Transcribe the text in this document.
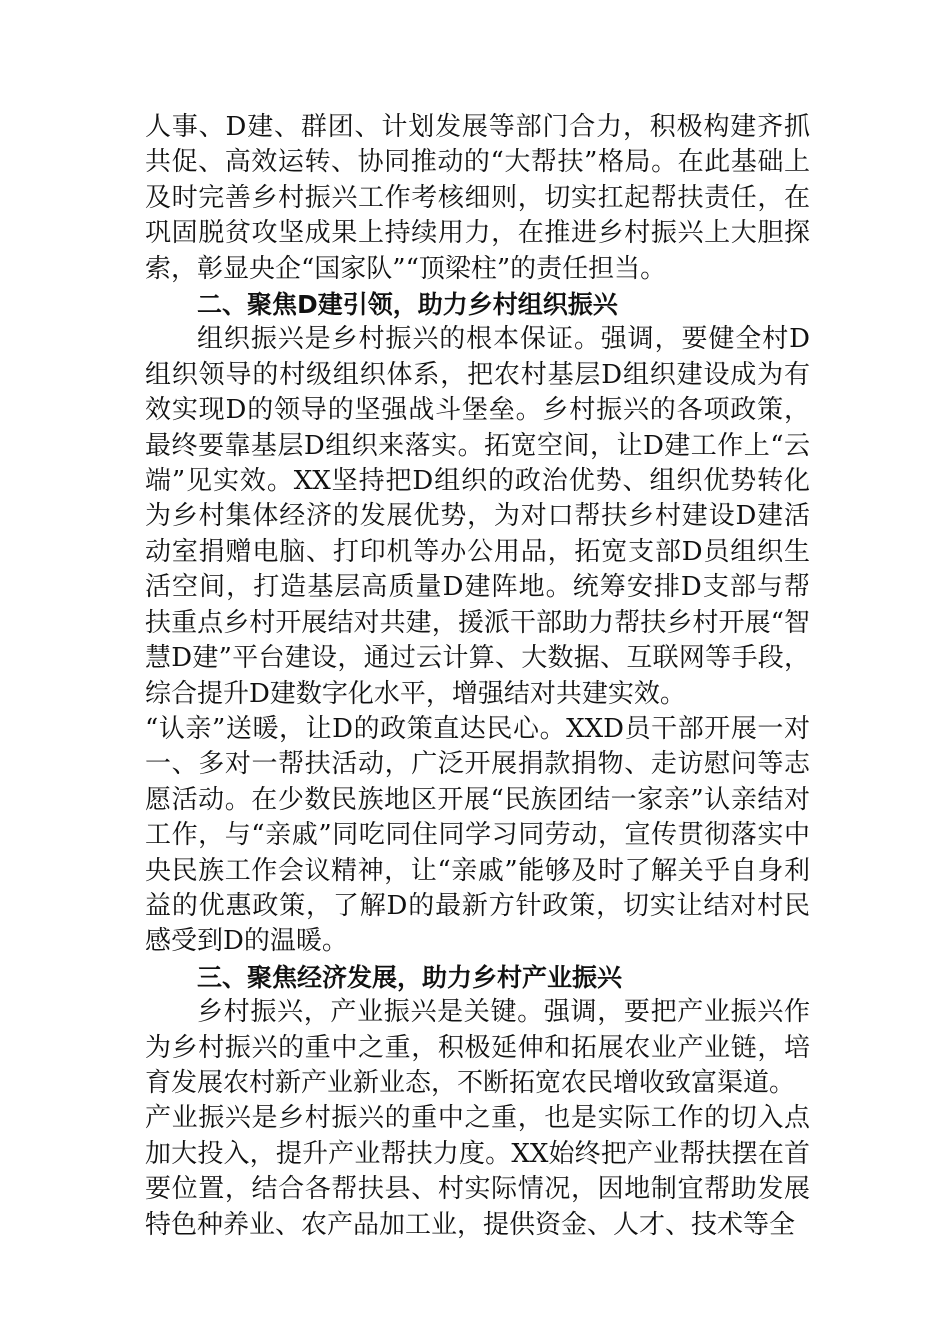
人事、D建、群团、计划发展等部门合力，积极构建齐抓共促、高效运转、协同推动的“大帮扶”格局。在此基础上及时完善乡村振兴工作考核细则，切实扛起帮扶责任，在巩固脱贫攻坚成果上持续用力，在推进乡村振兴上大胆探索，彰显央企“国家队”“顶梁柱”的责任担当。

二、聚焦D建引领，助力乡村组织振兴

组织振兴是乡村振兴的根本保证。强调，要健全村D组织领导的村级组织体系，把农村基层D组织建设成为有效实现D的领导的坚强战斗堡垒。乡村振兴的各项政策，最终要靠基层D组织来落实。拓宽空间，让D建工作上“云端”见实效。XX坚持把D组织的政治优势、组织优势转化为乡村集体经济的发展优势，为对口帮扶乡村建设D建活动室捐赠电脑、打印机等办公用品，拓宽支部D员组织生活空间，打造基层高质量D建阵地。统筹安排D支部与帮扶重点乡村开展结对共建，援派干部助力帮扶乡村开展“智慧D建”平台建设，通过云计算、大数据、互联网等手段，综合提升D建数字化水平，增强结对共建实效。

“认亲”送暖，让D的政策直达民心。XXD员干部开展一对一、多对一帮扶活动，广泛开展捐款捐物、走访慰问等志愿活动。在少数民族地区开展“民族团结一家亲”认亲结对工作，与“亲戚”同吃同住同学习同劳动，宣传贯彻落实中央民族工作会议精神，让“亲戚”能够及时了解关乎自身利益的优惠政策，了解D的最新方针政策，切实让结对村民感受到D的温暖。

三、聚焦经济发展，助力乡村产业振兴

乡村振兴，产业振兴是关键。强调，要把产业振兴作为乡村振兴的重中之重，积极延伸和拓展农业产业链，培育发展农村新产业新业态，不断拓宽农民增收致富渠道。

产业振兴是乡村振兴的重中之重，也是实际工作的切入点加大投入，提升产业帮扶力度。XX始终把产业帮扶摆在首要位置，结合各帮扶县、村实际情况，因地制宜帮助发展特色种养业、农产品加工业，提供资金、人才、技术等全
